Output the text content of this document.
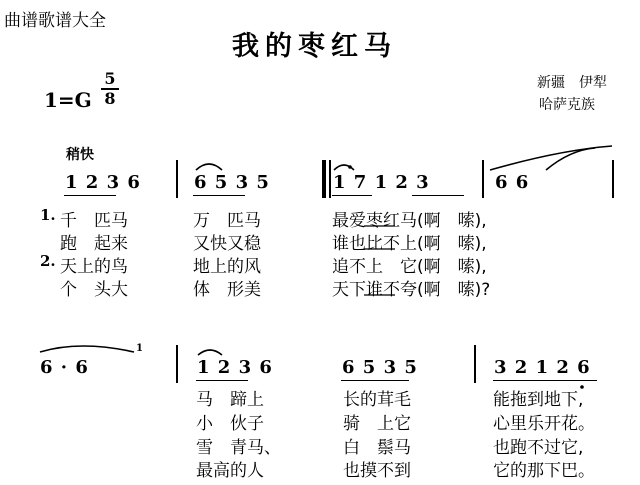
曲谱歌谱大全
我的枣红马
1=G
5
8
新疆　伊犁
哈萨克族
稍快
1 2 3 6	6 5 3 5	1 7 1 2 3	6 6
1.
2.
千　匹马	万　匹马	最爱枣红马(啊　嗦),
跑　起来	又快又稳	谁也比不上(啊　嗦),
天上的鸟	地上的风	追不上　它(啊　嗦),
个　头大	体　形美	天下谁不夸(啊　嗦)?
6 · 6
1
1 2 3 6	6 5 3 5	3 2 1 2 6
马　蹄上	长的茸毛	能拖到地下,
小　伙子	骑　上它	心里乐开花。
雪　青马、	白　鬃马	也跑不过它,
最高的人	也摸不到	它的那下巴。
